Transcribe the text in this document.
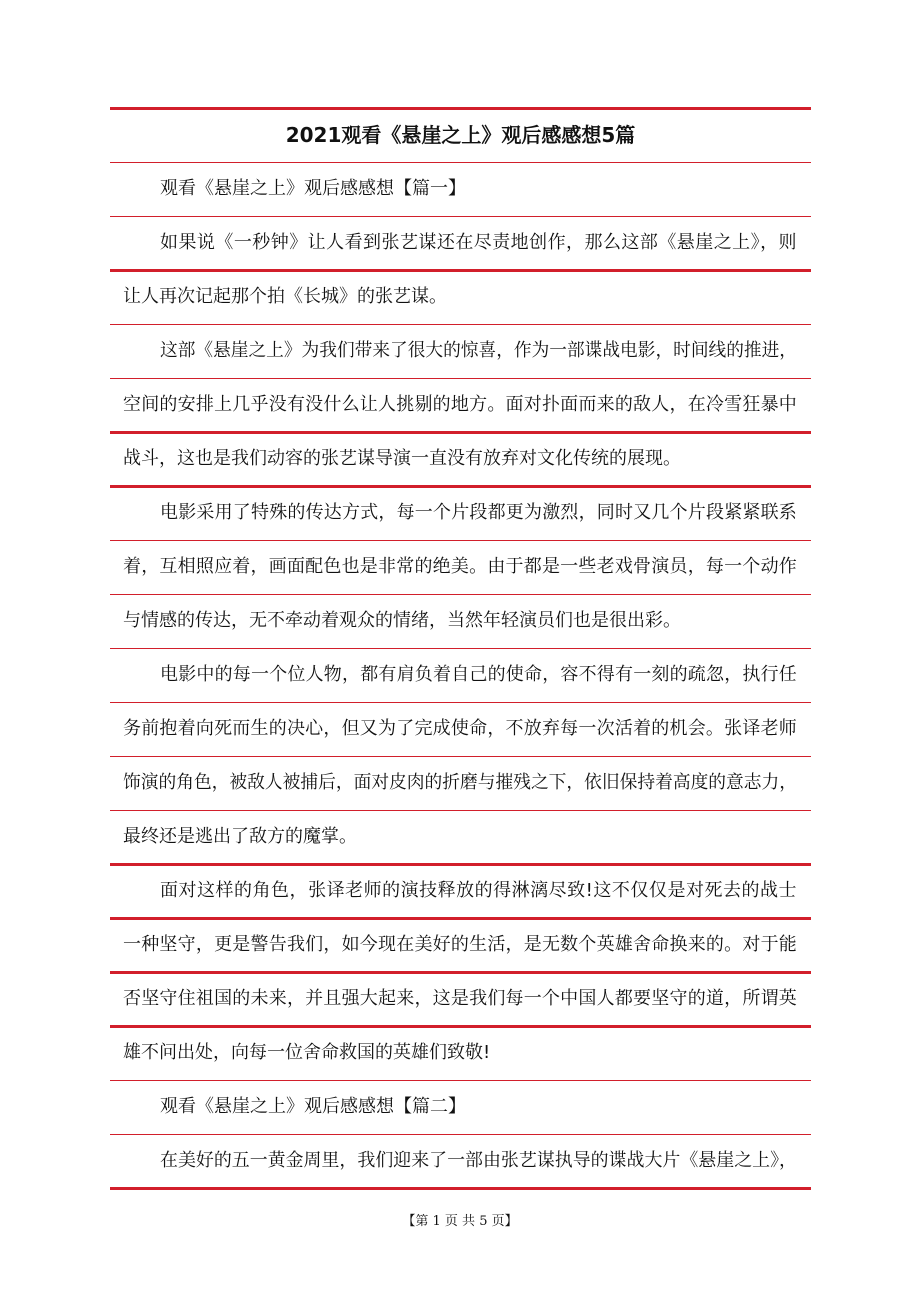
2021观看《悬崖之上》观后感感想5篇
观看《悬崖之上》观后感感想【篇一】
如果说《一秒钟》让人看到张艺谋还在尽责地创作，那么这部《悬崖之上》，则
让人再次记起那个拍《长城》的张艺谋。
这部《悬崖之上》为我们带来了很大的惊喜，作为一部谍战电影，时间线的推进，
空间的安排上几乎没有没什么让人挑剔的地方。面对扑面而来的敌人，在冷雪狂暴中
战斗，这也是我们动容的张艺谋导演一直没有放弃对文化传统的展现。
电影采用了特殊的传达方式，每一个片段都更为激烈，同时又几个片段紧紧联系
着，互相照应着，画面配色也是非常的绝美。由于都是一些老戏骨演员，每一个动作
与情感的传达，无不牵动着观众的情绪，当然年轻演员们也是很出彩。
电影中的每一个位人物，都有肩负着自己的使命，容不得有一刻的疏忽，执行任
务前抱着向死而生的决心，但又为了完成使命，不放弃每一次活着的机会。张译老师
饰演的角色，被敌人被捕后，面对皮肉的折磨与摧残之下，依旧保持着高度的意志力，
最终还是逃出了敌方的魔掌。
面对这样的角色，张译老师的演技释放的得淋漓尽致!这不仅仅是对死去的战士
一种坚守，更是警告我们，如今现在美好的生活，是无数个英雄舍命换来的。对于能
否坚守住祖国的未来，并且强大起来，这是我们每一个中国人都要坚守的道，所谓英
雄不问出处，向每一位舍命救国的英雄们致敬!
观看《悬崖之上》观后感感想【篇二】
在美好的五一黄金周里，我们迎来了一部由张艺谋执导的谍战大片《悬崖之上》，
【第 1 页 共 5 页】
